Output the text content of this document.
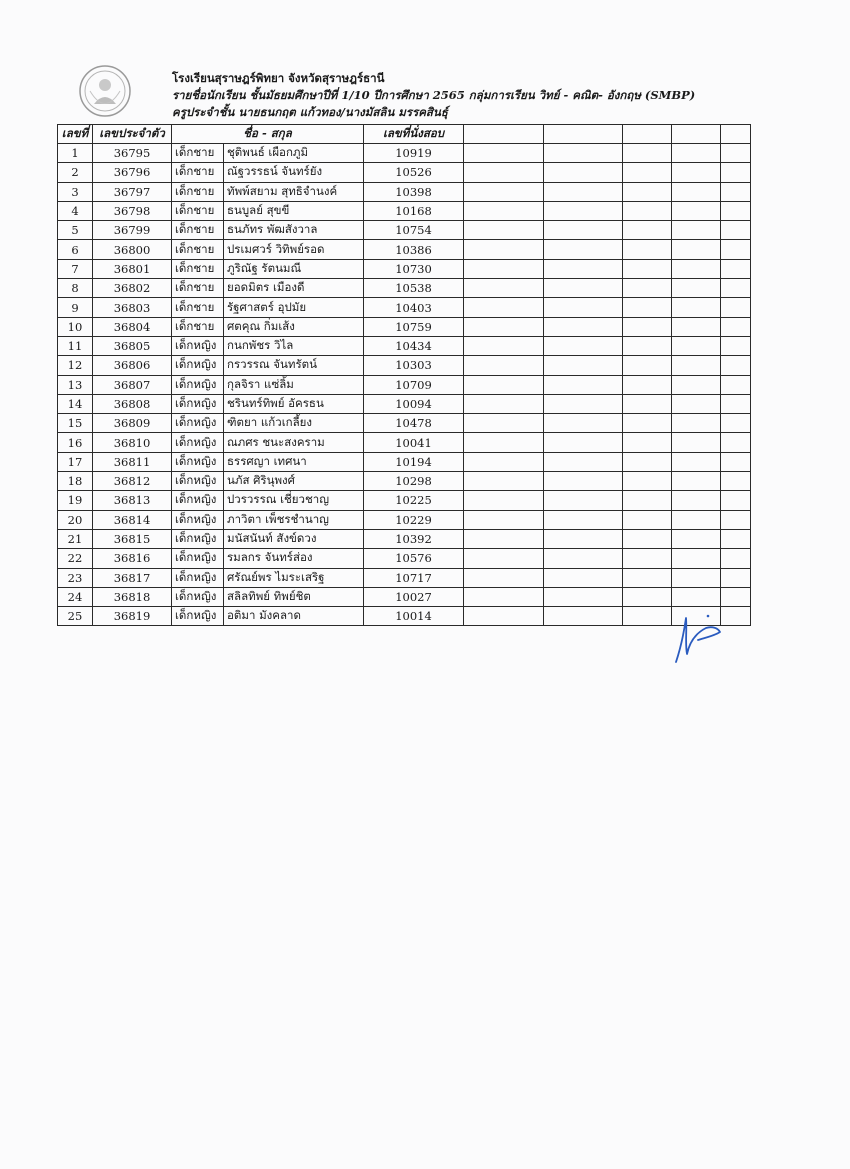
โรงเรียนสุราษฎร์พิทยา จังหวัดสุราษฎร์ธานี
รายชื่อนักเรียน ชั้นมัธยมศึกษาปีที่ 1/10 ปีการศึกษา 2565 กลุ่มการเรียน วิทย์ - คณิต- อังกฤษ (SMBP)
ครูประจำชั้น นายธนกฤต แก้วทอง/นางมัสลิน มรรคสินธุ์
เลขที่	เลขประจำตัว	ชื่อ - สกุล		เลขที่นั่งสอบ					
1	36795	เด็กชาย	ชุติพนธ์ เผือกภูมิ	10919					
2	36796	เด็กชาย	ณัฐวรรธน์ จันทร์ยัง	10526					
3	36797	เด็กชาย	ทัพพ์สยาม สุทธิจำนงค์	10398					
4	36798	เด็กชาย	ธนบูลย์ สุขขี	10168					
5	36799	เด็กชาย	ธนภัทร พัฒสังวาล	10754					
6	36800	เด็กชาย	ปรเมศวร์ วิทิพย์รอด	10386					
7	36801	เด็กชาย	ภูริณัฐ รัตนมณี	10730					
8	36802	เด็กชาย	ยอดมิตร เมืองดี	10538					
9	36803	เด็กชาย	รัฐศาสตร์ อุปมัย	10403					
10	36804	เด็กชาย	ศตคุณ กิ่มเส้ง	10759					
11	36805	เด็กหญิง	กนกพัชร วิไล	10434					
12	36806	เด็กหญิง	กรวรรณ จันทรัตน์	10303					
13	36807	เด็กหญิง	กุลจิรา แซ่ลิ้ม	10709					
14	36808	เด็กหญิง	ชรินทร์ทิพย์ อัครธน	10094					
15	36809	เด็กหญิง	ฑิตยา แก้วเกลี้ยง	10478					
16	36810	เด็กหญิง	ณภศร ชนะสงคราม	10041					
17	36811	เด็กหญิง	ธรรศญา เทศนา	10194					
18	36812	เด็กหญิง	นภัส ศิรินุพงศ์	10298					
19	36813	เด็กหญิง	ปวรวรรณ เชี่ยวชาญ	10225					
20	36814	เด็กหญิง	ภาวิตา เพ็ชรชำนาญ	10229					
21	36815	เด็กหญิง	มนัสนันท์ สังข์ดวง	10392					
22	36816	เด็กหญิง	รมลกร จันทร์ส่อง	10576					
23	36817	เด็กหญิง	ศรัณย์พร ไมระเสริฐ	10717					
24	36818	เด็กหญิง	สลิลทิพย์ ทิพย์ชิต	10027					
25	36819	เด็กหญิง	อติมา มังคลาด	10014					
